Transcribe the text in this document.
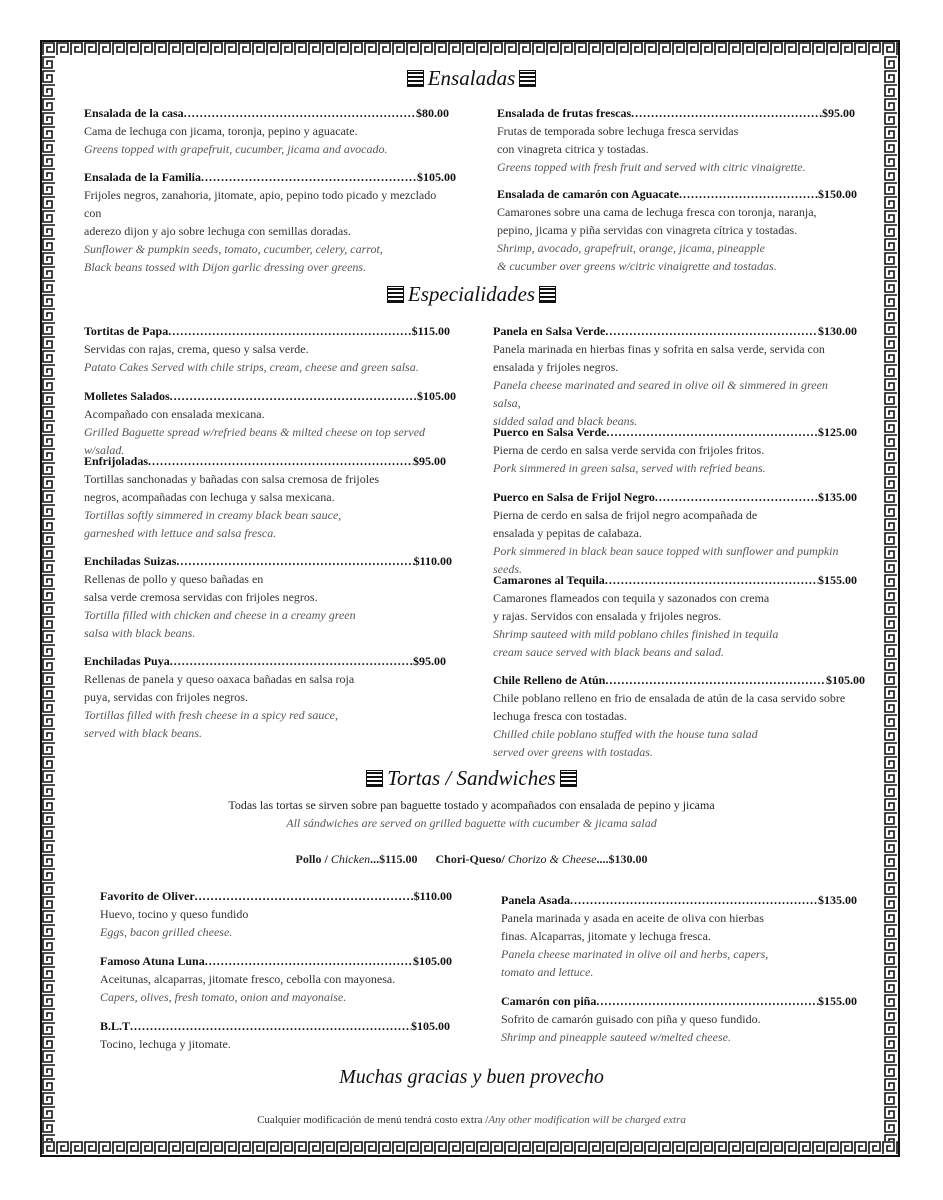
Ensaladas
Ensalada de la casa .....	$80.00
Cama de lechuga con jicama, toronja, pepino y aguacate.
Greens topped with grapefruit, cucumber, jicama and avocado.
Ensalada de la Familia .....	$105.00
Frijoles negros, zanahoria, jitomate, apio, pepino todo picado y mezclado con
aderezo dijon y ajo sobre lechuga con semillas doradas.
Sunflower & pumpkin seeds, tomato, cucumber, celery, carrot,
Black beans tossed with Dijon garlic dressing over greens.
Ensalada de frutas frescas .....	$95.00
Frutas de temporada sobre lechuga fresca servidas
con vinagreta citrica y tostadas.
Greens topped with fresh fruit and served with citric vinaigrette.
Ensalada de camarón con Aguacate .....	$150.00
Camarones sobre una cama de lechuga fresca con toronja, naranja,
pepino, jicama y piña servidas con vinagreta cítrica y tostadas.
Shrimp, avocado, grapefruit, orange, jicama, pineapple
& cucumber over greens w/citric vinaigrette and tostadas.
Especialidades
Tortitas de Papa .....	$115.00
Servidas con rajas, crema, queso y salsa verde.
Patato Cakes Served with chile strips, cream, cheese and green salsa.
Molletes Salados .....	$105.00
Acompañado con ensalada mexicana.
Grilled Baguette spread w/refried beans & milted cheese on top served w/salad.
Enfrijoladas .....	$95.00
Tortillas sanchonadas y bañadas con salsa cremosa de frijoles
negros, acompañadas con lechuga y salsa mexicana.
Tortillas softly simmered in creamy black bean sauce,
garneshed with lettuce and salsa fresca.
Enchiladas Suizas .....	$110.00
Rellenas de pollo y queso bañadas en
salsa verde cremosa servidas con frijoles negros.
Tortilla filled with chicken and cheese in a creamy green
salsa with black beans.
Enchiladas Puya .....	$95.00
Rellenas de panela y queso oaxaca bañadas en salsa roja
puya, servidas con frijoles negros.
Tortillas filled with fresh cheese in a spicy red sauce,
served with black beans.
Panela en Salsa Verde .....	$130.00
Panela marinada en hierbas finas y sofrita en salsa verde, servida con
ensalada y frijoles negros.
Panela cheese marinated and seared in olive oil & simmered in green salsa,
sidded salad and black beans.
Puerco en Salsa Verde .....	$125.00
Pierna de cerdo en salsa verde servida con frijoles fritos.
Pork simmered in green salsa, served with refried beans.
Puerco en Salsa de Frijol Negro .....	$135.00
Pierna de cerdo en salsa de frijol negro acompañada de
ensalada y pepitas de calabaza.
Pork simmered in black bean sauce topped with sunflower and pumpkin seeds.
Camarones al Tequila .....	$155.00
Camarones flameados con tequila y sazonados con crema
y rajas. Servidos con ensalada y frijoles negros.
Shrimp sauteed with mild poblano chiles finished in tequila
cream sauce served with black beans and salad.
Chile Relleno de Atún .....	$105.00
Chile poblano relleno en frio de ensalada de atún de la casa servido sobre
lechuga fresca con tostadas.
Chilled chile poblano stuffed with the house tuna salad
served over greens with tostadas.
Tortas / Sandwiches
Todas las tortas se sirven sobre pan baguette tostado y acompañados con ensalada de pepino y jicama
All sándwiches are served on grilled baguette with cucumber & jicama salad
Pollo / Chicken...$115.00 Chori-Queso/ Chorizo & Cheese....$130.00
Favorito de Oliver .....	$110.00
Huevo, tocino y queso fundido
Eggs, bacon grilled cheese.
Famoso Atuna Luna .....	$105.00
Aceitunas, alcaparras, jitomate fresco, cebolla con mayonesa.
Capers, olives, fresh tomato, onion and mayonaise.
B.L.T .....	$105.00
Tocino, lechuga y jitomate.
Panela Asada .....	$135.00
Panela marinada y asada en aceite de oliva con hierbas
finas. Alcaparras, jitomate y lechuga fresca.
Panela cheese marinated in olive oil and herbs, capers,
tomato and lettuce.
Camarón con piña .....	$155.00
Sofrito de camarón guisado con piña y queso fundido.
Shrimp and pineapple sauteed w/melted cheese.
Muchas gracias y buen provecho
Cualquier modificación de menú tendrá costo extra /Any other modification will be charged extra
